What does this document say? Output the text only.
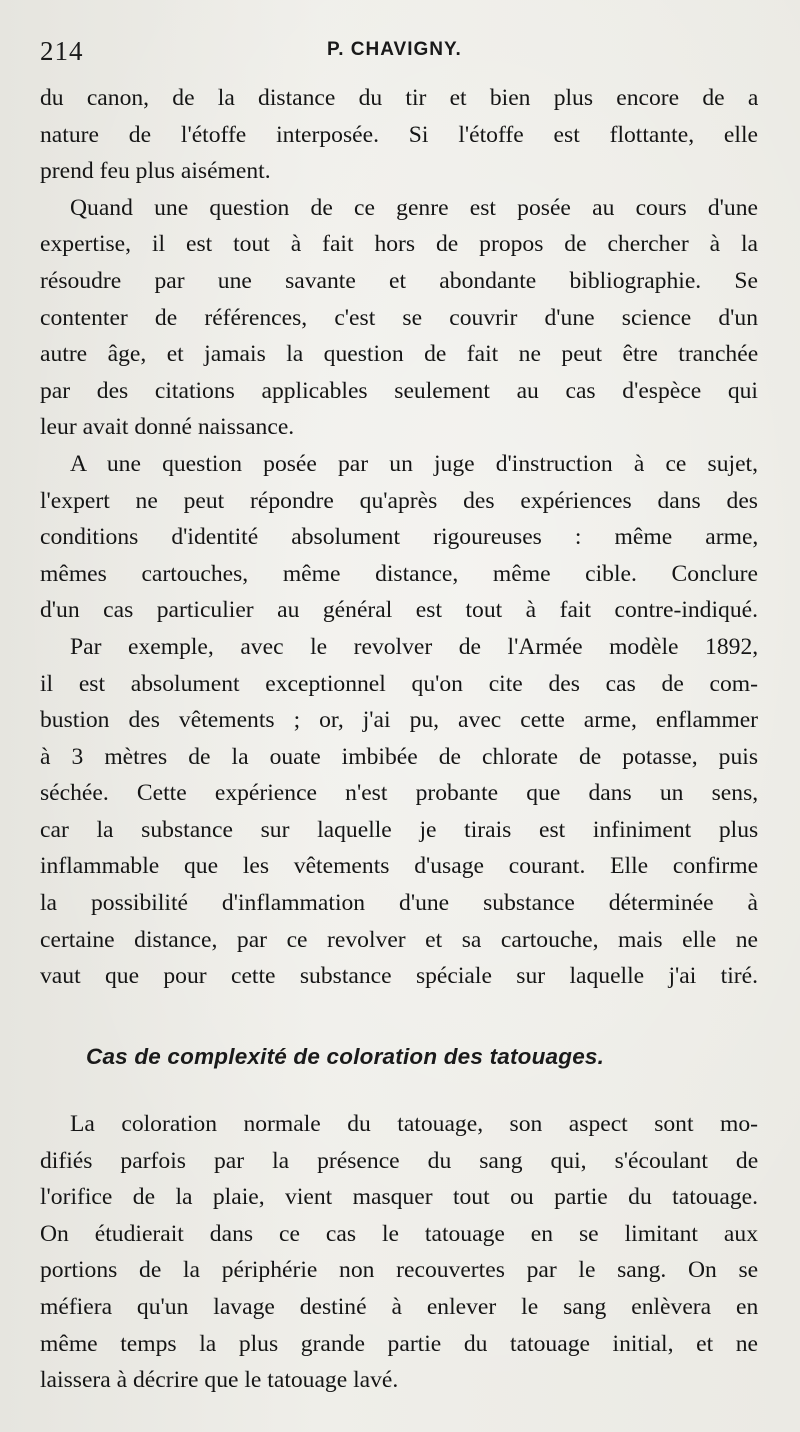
214	P. CHAVIGNY.
du canon, de la distance du tir et bien plus encore de a
nature de l'étoffe interposée. Si l'étoffe est flottante, elle
prend feu plus aisément.
Quand une question de ce genre est posée au cours d'une
expertise, il est tout à fait hors de propos de chercher à la
résoudre par une savante et abondante bibliographie. Se
contenter de références, c'est se couvrir d'une science d'un
autre âge, et jamais la question de fait ne peut être tranchée
par des citations applicables seulement au cas d'espèce qui
leur avait donné naissance.
A une question posée par un juge d'instruction à ce sujet,
l'expert ne peut répondre qu'après des expériences dans des
conditions d'identité absolument rigoureuses : même arme,
mêmes cartouches, même distance, même cible. Conclure
d'un cas particulier au général est tout à fait contre-indiqué.
Par exemple, avec le revolver de l'Armée modèle 1892,
il est absolument exceptionnel qu'on cite des cas de com-
bustion des vêtements ; or, j'ai pu, avec cette arme, enflammer
à 3 mètres de la ouate imbibée de chlorate de potasse, puis
séchée. Cette expérience n'est probante que dans un sens,
car la substance sur laquelle je tirais est infiniment plus
inflammable que les vêtements d'usage courant. Elle confirme
la possibilité d'inflammation d'une substance déterminée à
certaine distance, par ce revolver et sa cartouche, mais elle ne
vaut que pour cette substance spéciale sur laquelle j'ai tiré.
Cas de complexité de coloration des tatouages.
La coloration normale du tatouage, son aspect sont mo-
difiés parfois par la présence du sang qui, s'écoulant de
l'orifice de la plaie, vient masquer tout ou partie du tatouage.
On étudierait dans ce cas le tatouage en se limitant aux
portions de la périphérie non recouvertes par le sang. On se
méfiera qu'un lavage destiné à enlever le sang enlèvera en
même temps la plus grande partie du tatouage initial, et ne
laissera à décrire que le tatouage lavé.
